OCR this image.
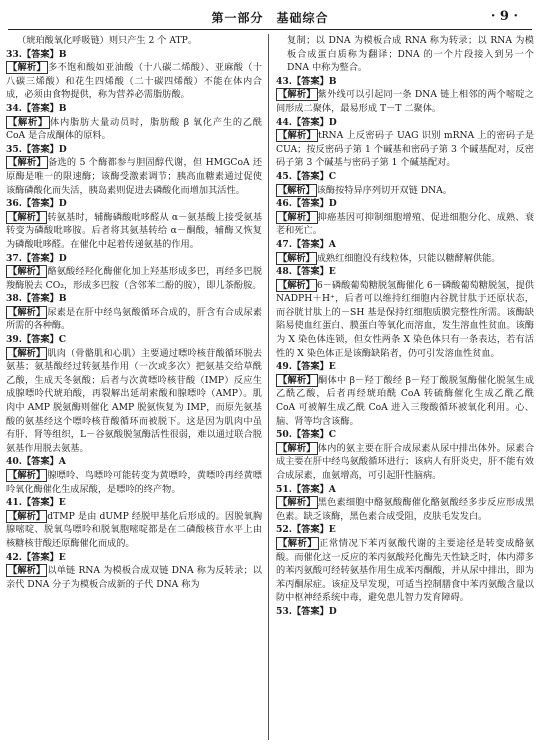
第一部分　基础综合	· 9 ·

（琥珀酸氧化呼吸链）则只产生 2 个 ATP。

33.【答案】B

【解析】 多不饱和酸如亚油酸（十八碳二烯酸）、亚麻酸（十八碳三烯酸）和花生四烯酸（二十碳四烯酸）不能在体内合成，必须由食物提供，称为营养必需脂肪酸。

34.【答案】B

【解析】 体内脂肪大量动员时，脂肪酸 β 氧化产生的乙酰 CoA 是合成酮体的原料。

35.【答案】D

【解析】 备选的 5 个酶都参与胆固醇代谢，但 HMGCoA 还原酶是唯一的限速酶；该酶受激素调节；胰高血糖素通过促使该酶磷酸化而失活，胰岛素则促进去磷酸化而增加其活性。

36.【答案】D

【解析】 转氨基时，辅酶磷酸吡哆醛从 α－氨基酸上接受氨基转变为磷酸吡哆胺。后者将其氨基转给 α－酮酸，辅酶又恢复为磷酸吡哆醛。在催化中起着传递氨基的作用。

37.【答案】D

【解析】 酪氨酸经羟化酶催化加上羟基形成多巴，再经多巴脱羧酶脱去 CO₂，形成多巴胺（含邻苯二酚的胺），即儿茶酚胺。

38.【答案】B

【解析】 尿素是在肝中经鸟氨酸循环合成的，肝含有合成尿素所需的各种酶。

39.【答案】C

【解析】 肌肉（骨骼肌和心肌）主要通过嘌呤核苷酸循环脱去氨基；氨基酸经过转氨基作用（一次或多次）把氨基交给草酰乙酸，生成天冬氨酸；后者与次黄嘌呤核苷酸（IMP）反应生成腺嘌呤代琥珀酸，再裂解出延胡索酸和腺嘌呤（AMP）。肌肉中 AMP 脱氨酶则催化 AMP 脱氨恢复为 IMP，而原先氨基酸的氨基经这个嘌呤核苷酸循环而被脱下。这是因为肌肉中虽有肝、肾等组织，L－谷氨酸脱氢酶活性很弱，难以通过联合脱氨基作用脱去氨基。

40.【答案】A

【解析】 腺嘌呤、鸟嘌呤可能转变为黄嘌呤，黄嘌呤再经黄嘌呤氧化酶催化生成尿酸，是嘌呤的终产物。

41.【答案】E

【解析】 dTMP 是由 dUMP 经脱甲基化后形成的。因脱氧胸腺嘧啶、脱氧鸟嘌呤和脱氧胞嘧啶都是在二磷酸核苷水平上由核糖核苷酸还原酶催化而成的。

42.【答案】E

【解析】 以单链 RNA 为模板合成双链 DNA 称为反转录；以亲代 DNA 分子为模板合成新的子代 DNA 称为

复制；以 DNA 为模板合成 RNA 称为转录；以 RNA 为模板合成蛋白质称为翻译；DNA 的一个片段接入到另一个 DNA 中称为整合。

43.【答案】B

【解析】 紫外线可以引起同一条 DNA 链上相邻的两个嘧啶之间形成二聚体，最易形成 T－T 二聚体。

44.【答案】D

【解析】 tRNA 上反密码子 UAG 识别 mRNA 上的密码子是 CUA；按反密码子第 1 个碱基和密码子第 3 个碱基配对，反密码子第 3 个碱基与密码子第 1 个碱基配对。

45.【答案】C

【解析】 该酶按特异序列切开双链 DNA。

46.【答案】D

【解析】 抑癌基因可抑制细胞增殖、促进细胞分化、成熟、衰老和死亡。

47.【答案】A

【解析】 成熟红细胞没有线粒体，只能以糖酵解供能。

48.【答案】E

【解析】 6－磷酸葡萄糖脱氢酶催化 6－磷酸葡萄糖脱氢，提供 NADPH＋H⁺，后者可以维持红细胞内谷胱甘肽于还原状态，而谷胱甘肽上的－SH 基是保持红细胞质膜完整性所需。该酶缺陷易使血红蛋白、膜蛋白等氧化而溶血，发生溶血性贫血。该酶为 X 染色体连锁，但女性两条 X 染色体只有一条表达，若有活性的 X 染色体正是该酶缺陷者，仍可引发溶血性贫血。

49.【答案】E

【解析】 酮体中 β－羟丁酸经 β－羟丁酸脱氢酶催化脱氢生成乙酰乙酸，后者再经琥珀酰 CoA 转硫酶催化生成乙酰乙酰 CoA 可被解生成乙酰 CoA 进入三羧酸循环被氧化利用。心、脑、肾等均含该酶。

50.【答案】C

【解析】 体内的氨主要在肝合成尿素从尿中排出体外。尿素合成主要在肝中经鸟氨酸循环进行；该病人有肝炎史，肝不能有效合成尿素，血氨增高，可引起肝性脑病。

51.【答案】A

【解析】 黑色素细胞中酪氨酸酶催化酪氨酸经多步反应形成黑色素。缺乏该酶，黑色素合成受阻，皮肤毛发发白。

52.【答案】E

【解析】 正常情况下苯丙氨酸代谢的主要途径是转变成酪氨酸。而催化这一反应的苯丙氨酸羟化酶先天性缺乏时，体内滞多的苯丙氨酸可经转氨基作用生成苯丙酮酸，并从尿中排出，即为苯丙酮尿症。该症及早发现，可适当控制膳食中苯丙氨酸含量以防中枢神经系统中毒，避免患儿智力发育障碍。

53.【答案】D
